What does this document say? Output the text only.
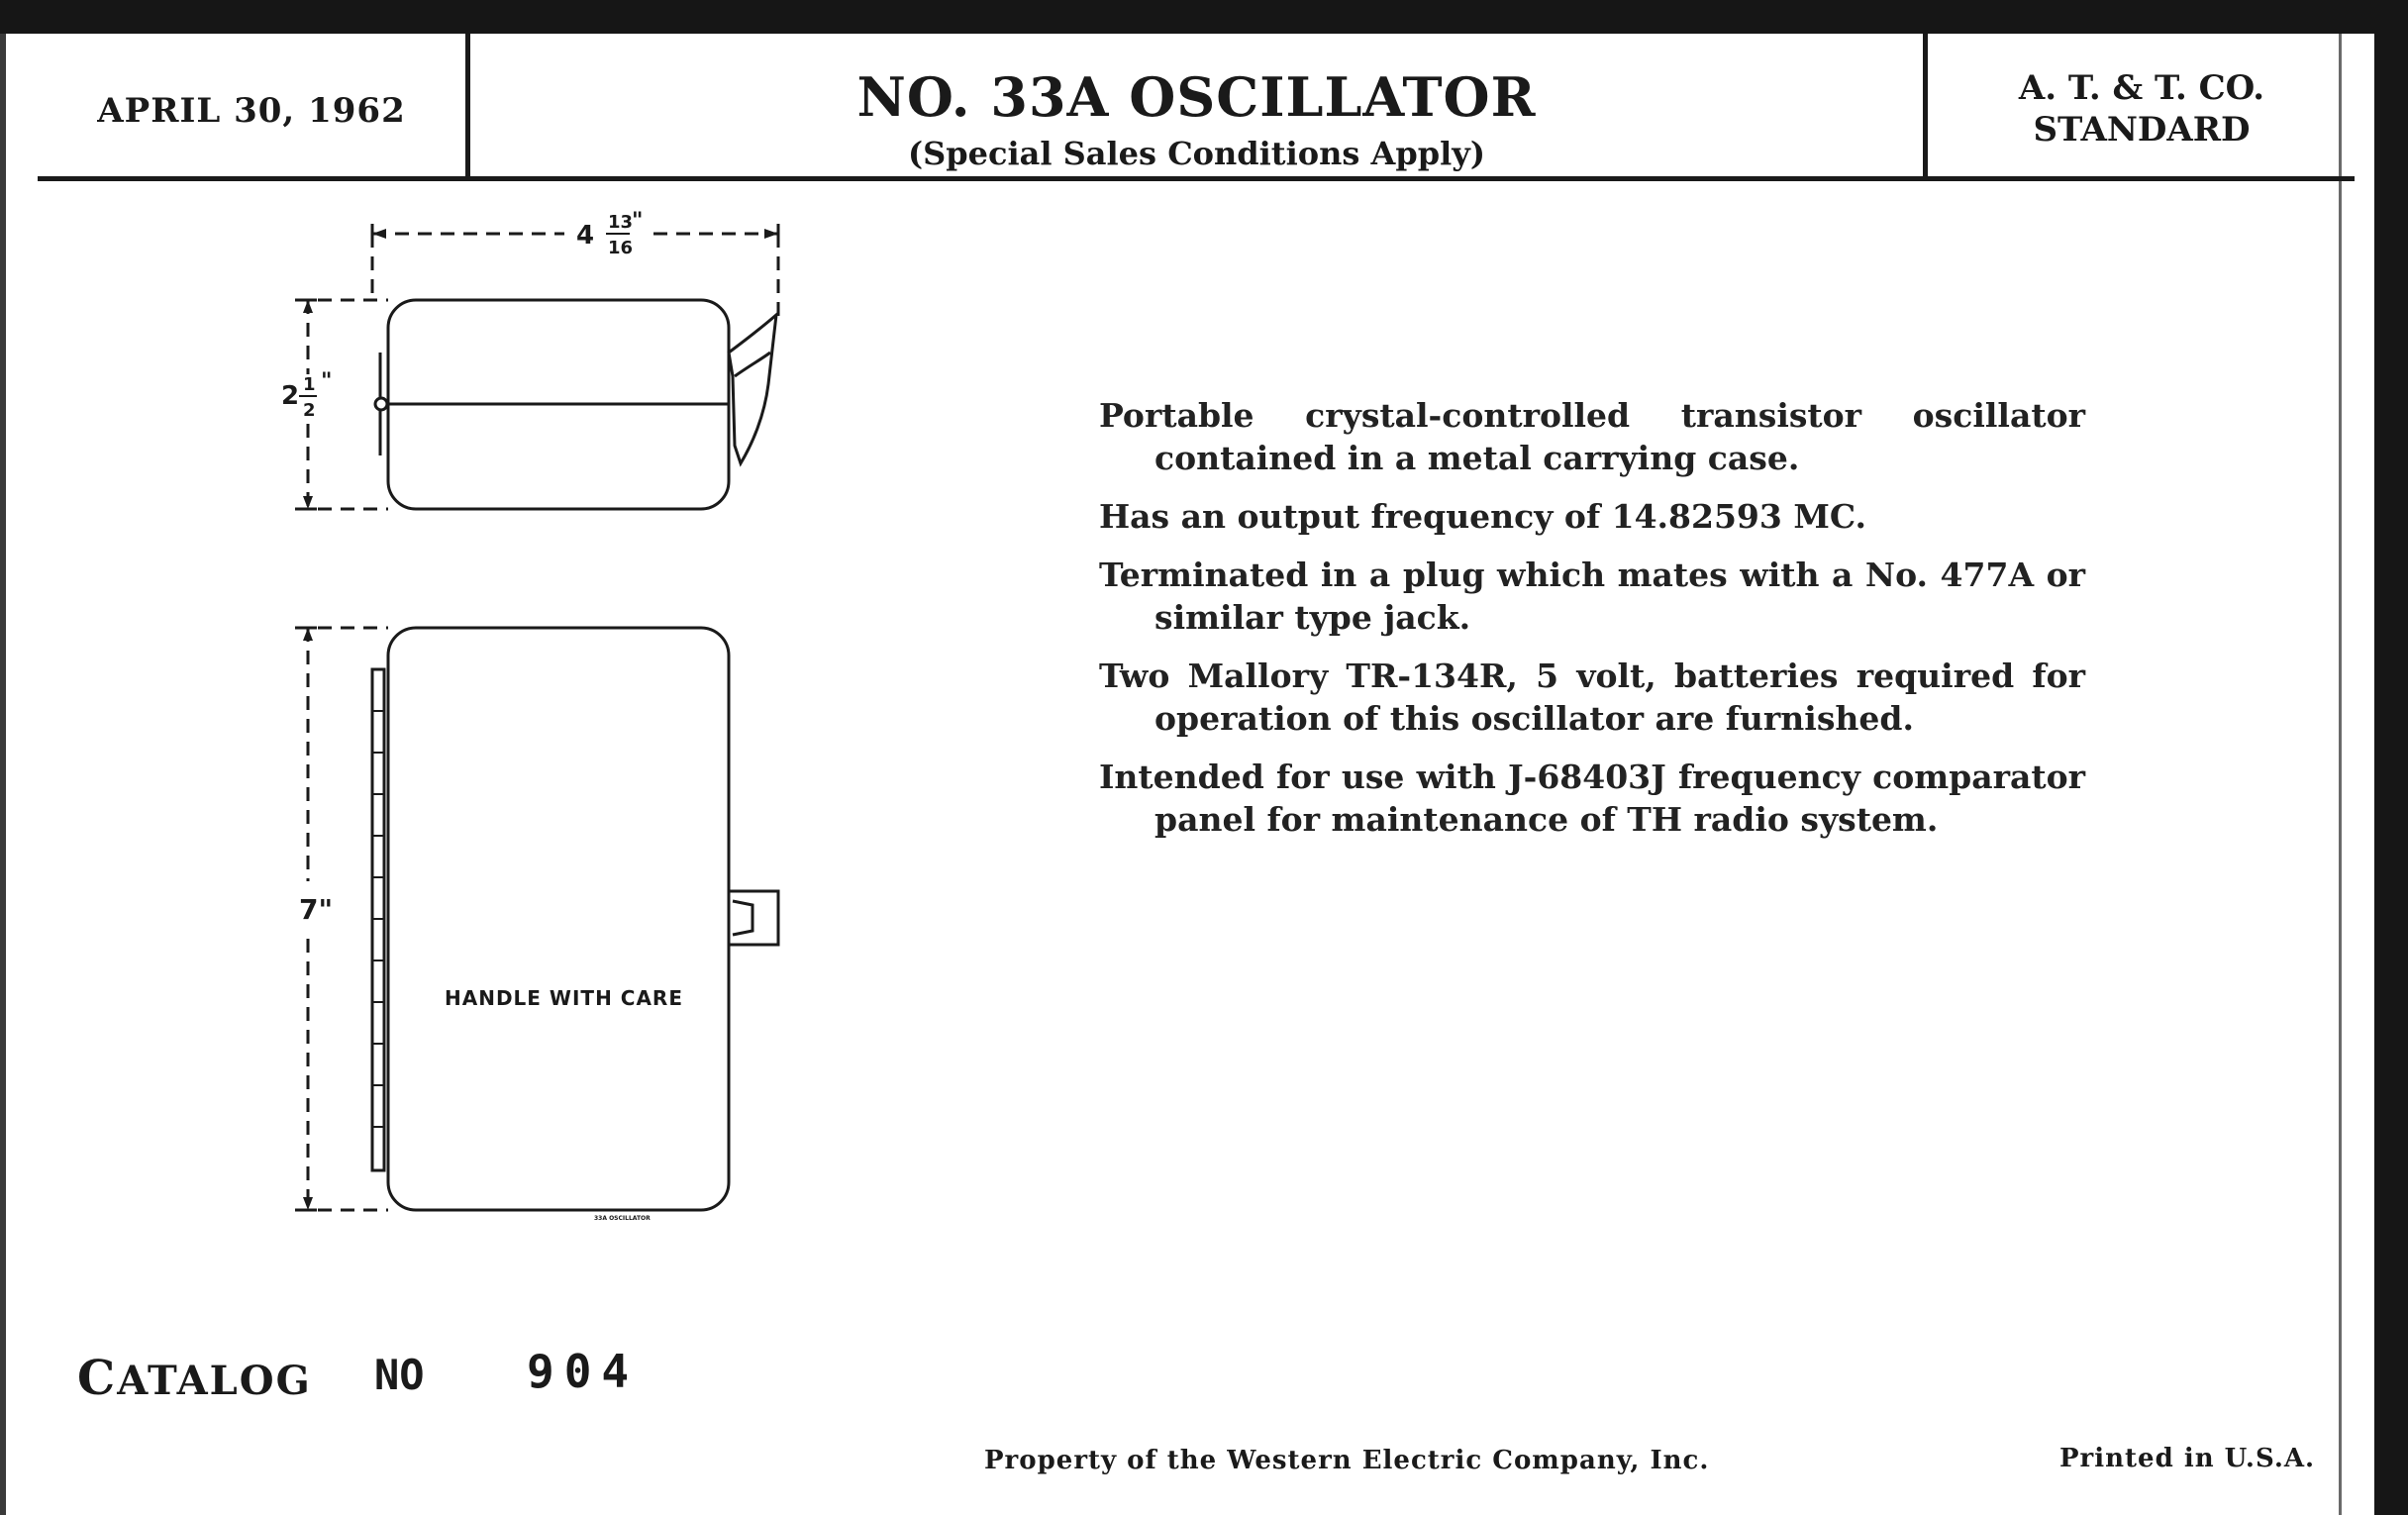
APRIL 30, 1962	NO. 33A OSCILLATOR
(Special Sales Conditions Apply)
A. T. & T. CO.
STANDARD
4 13
16
"
2 1
2
"
7"
HANDLE WITH CARE
33A OSCILLATOR

Portable crystal-controlled transistor oscillator contained in a metal carrying case.

Has an output frequency of 14.82593 MC.

Terminated in a plug which mates with a No. 477A or similar type jack.

Two Mallory TR-134R, 5 volt, batteries required for operation of this oscillator are furnished.

Intended for use with J-68403J frequency comparator panel for maintenance of TH radio system.

CATALOG NO 904
Property of the Western Electric Company, Inc.	Printed in U.S.A.
